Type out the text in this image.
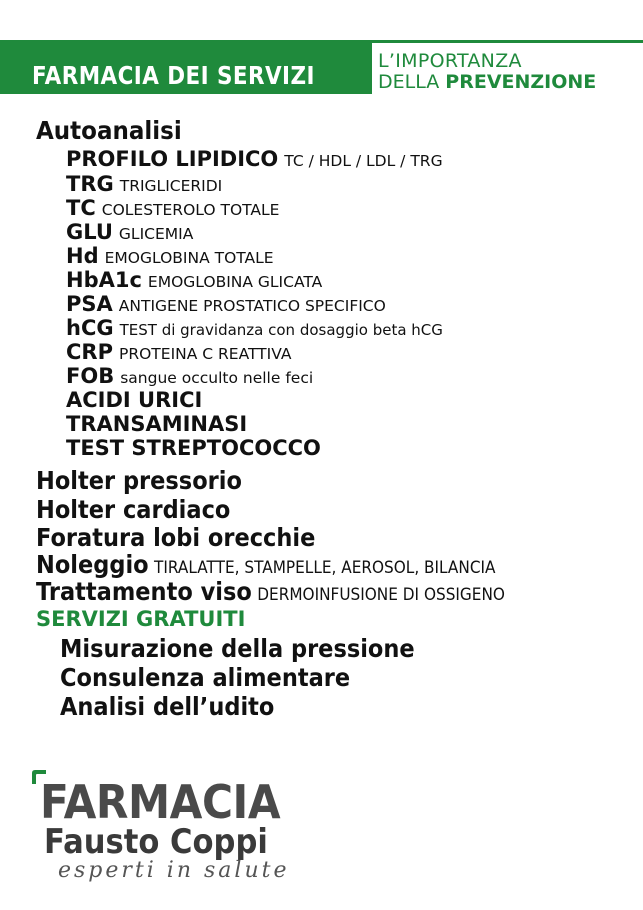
FARMACIA DEI SERVIZI	L’IMPORTANZA
DELLA PREVENZIONE
Autoanalisi
PROFILO LIPIDICO TC / HDL / LDL / TRG
TRG TRIGLICERIDI
TC COLESTEROLO TOTALE
GLU GLICEMIA
Hd EMOGLOBINA TOTALE
HbA1c EMOGLOBINA GLICATA
PSA ANTIGENE PROSTATICO SPECIFICO
hCG TEST di gravidanza con dosaggio beta hCG
CRP PROTEINA C REATTIVA
FOB sangue occulto nelle feci
ACIDI URICI
TRANSAMINASI
TEST STREPTOCOCCO
Holter pressorio
Holter cardiaco
Foratura lobi orecchie
Noleggio TIRALATTE, STAMPELLE, AEROSOL, BILANCIA
Trattamento viso DERMOINFUSIONE DI OSSIGENO
SERVIZI GRATUITI
Misurazione della pressione
Consulenza alimentare
Analisi dell’udito
FARMACIA
Fausto Coppi
esperti in salute
